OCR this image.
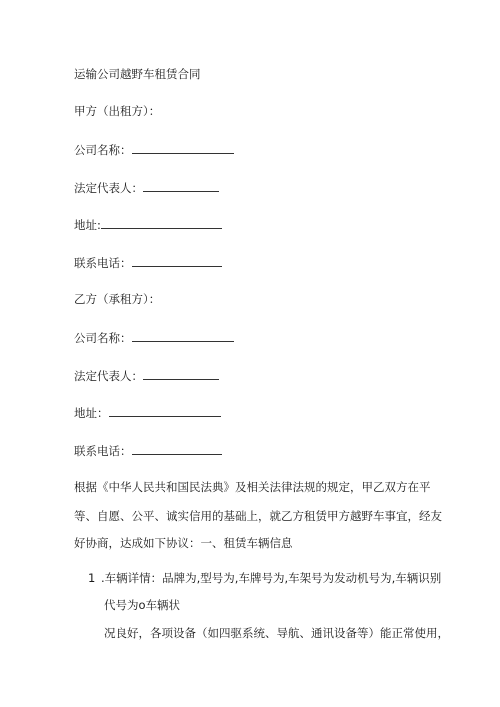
运输公司越野车租赁合同
甲方（出租方）：
公司名称：
法定代表人：
地址:
联系电话：
乙方（承租方）：
公司名称：
法定代表人：
地址：
联系电话：
根据《中华人民共和国民法典》及相关法律法规的规定，甲乙双方在平
等、自愿、公平、诚实信用的基础上，就乙方租赁甲方越野车事宜，经友
好协商，达成如下协议：一、租赁车辆信息
1 .车辆详情：品牌为,型号为,车牌号为,车架号为发动机号为,车辆识别
代号为o车辆状
况良好，各项设备（如四驱系统、导航、通讯设备等）能正常使用，
